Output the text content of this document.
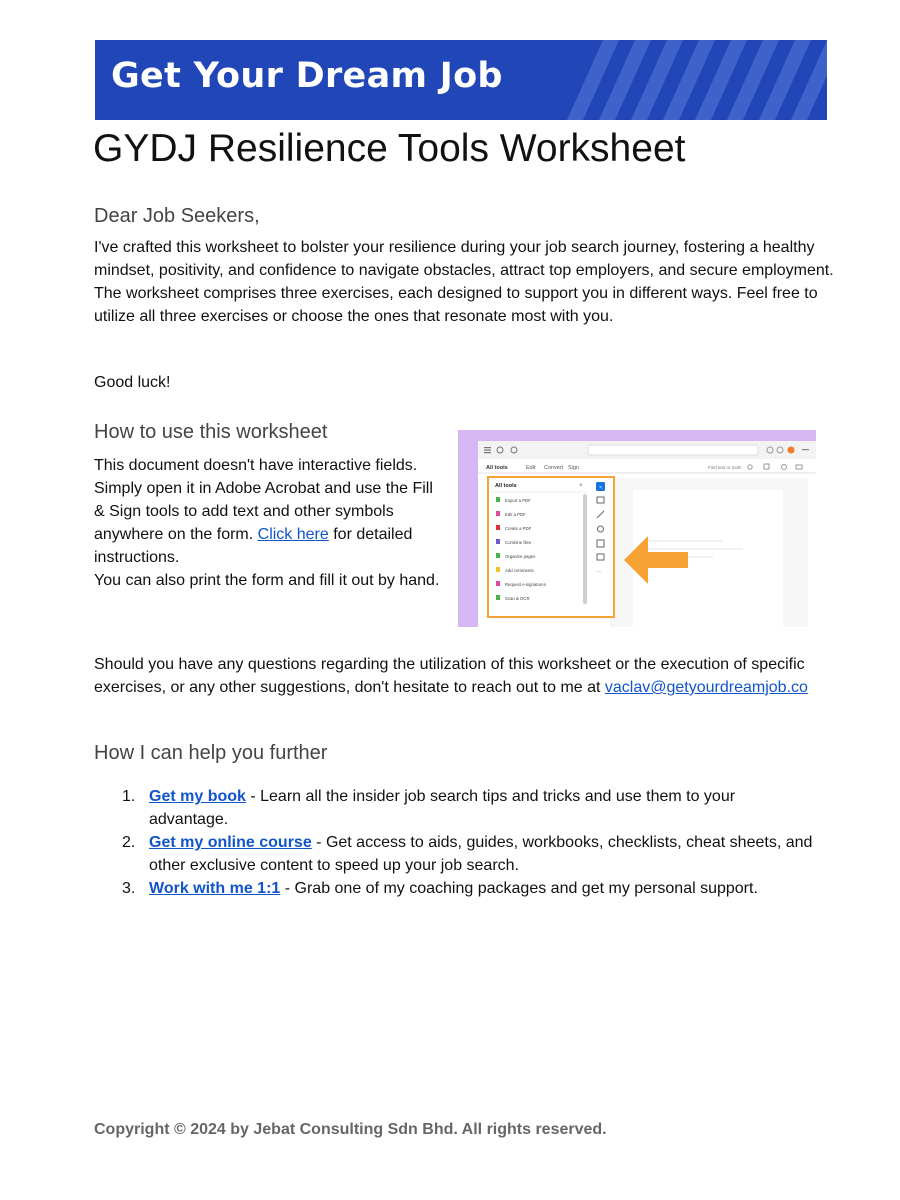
Get Your Dream Job
GYDJ Resilience Tools Worksheet

Dear Job Seekers,

I've crafted this worksheet to bolster your resilience during your job search journey, fostering a healthy mindset, positivity, and confidence to navigate obstacles, attract top employers, and secure employment. The worksheet comprises three exercises, each designed to support you in different ways. Feel free to utilize all three exercises or choose the ones that resonate most with you.

Good luck!

How to use this worksheet

This document doesn't have interactive fields. Simply open it in Adobe Acrobat and use the Fill & Sign tools to add text and other symbols anywhere on the form. Click here for detailed instructions.
You can also print the form and fill it out by hand.

All tools	Edit Convert Sign	Find text or tools
All tools	×
Export a PDF
Edit a PDF
Create a PDF
Combine files
Organize pages
Add comments
Request e-signatures
Scan & OCR
↖
···

Should you have any questions regarding the utilization of this worksheet or the execution of specific exercises, or any other suggestions, don't hesitate to reach out to me at vaclav@getyourdreamjob.co

How I can help you further
1. Get my book - Learn all the insider job search tips and tricks and use them to your advantage.
2. Get my online course - Get access to aids, guides, workbooks, checklists, cheat sheets, and other exclusive content to speed up your job search.
3. Work with me 1:1 - Grab one of my coaching packages and get my personal support.

Copyright © 2024 by Jebat Consulting Sdn Bhd. All rights reserved.
